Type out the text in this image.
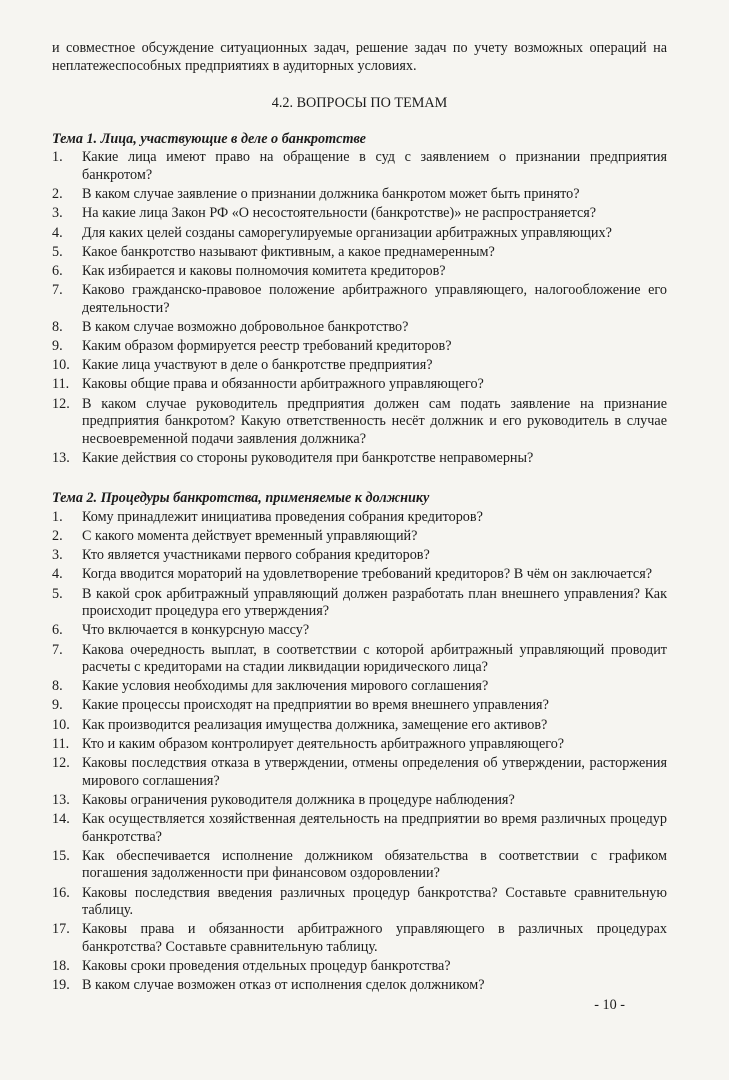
и совместное обсуждение ситуационных задач, решение задач по учету возможных операций на неплатежеспособных предприятиях в аудиторных условиях.

4.2. ВОПРОСЫ ПО ТЕМАМ
Тема 1. Лица, участвующие в деле о банкротстве
1. Какие лица имеют право на обращение в суд с заявлением о признании предприятия банкротом?
2. В каком случае заявление о признании должника банкротом может быть принято?
3. На какие лица Закон РФ «О несостоятельности (банкротстве)» не распространяется?
4. Для каких целей созданы саморегулируемые организации арбитражных управляющих?
5. Какое банкротство называют фиктивным, а какое преднамеренным?
6. Как избирается и каковы полномочия комитета кредиторов?
7. Каково гражданско-правовое положение арбитражного управляющего, налогообложение его деятельности?
8. В каком случае возможно добровольное банкротство?
9. Каким образом формируется реестр требований кредиторов?
10. Какие лица участвуют в деле о банкротстве предприятия?
11. Каковы общие права и обязанности арбитражного управляющего?
12. В каком случае руководитель предприятия должен сам подать заявление на признание предприятия банкротом? Какую ответственность несёт должник и его руководитель в случае несвоевременной подачи заявления должника?
13. Какие действия со стороны руководителя при банкротстве неправомерны?
Тема 2. Процедуры банкротства, применяемые к должнику
1. Кому принадлежит инициатива проведения собрания кредиторов?
2. С какого момента действует временный управляющий?
3. Кто является участниками первого собрания кредиторов?
4. Когда вводится мораторий на удовлетворение требований кредиторов? В чём он заключается?
5. В какой срок арбитражный управляющий должен разработать план внешнего управления? Как происходит процедура его утверждения?
6. Что включается в конкурсную массу?
7. Какова очередность выплат, в соответствии с которой арбитражный управляющий проводит расчеты с кредиторами на стадии ликвидации юридического лица?
8. Какие условия необходимы для заключения мирового соглашения?
9. Какие процессы происходят на предприятии во время внешнего управления?
10. Как производится реализация имущества должника, замещение его активов?
11. Кто и каким образом контролирует деятельность арбитражного управляющего?
12. Каковы последствия отказа в утверждении, отмены определения об утверждении, расторжения мирового соглашения?
13. Каковы ограничения руководителя должника в процедуре наблюдения?
14. Как осуществляется хозяйственная деятельность на предприятии во время различных процедур банкротства?
15. Как обеспечивается исполнение должником обязательства в соответствии с графиком погашения задолженности при финансовом оздоровлении?
16. Каковы последствия введения различных процедур банкротства? Составьте сравнительную таблицу.
17. Каковы права и обязанности арбитражного управляющего в различных процедурах банкротства? Составьте сравнительную таблицу.
18. Каковы сроки проведения отдельных процедур банкротства?
19. В каком случае возможен отказ от исполнения сделок должником?
- 10 -
